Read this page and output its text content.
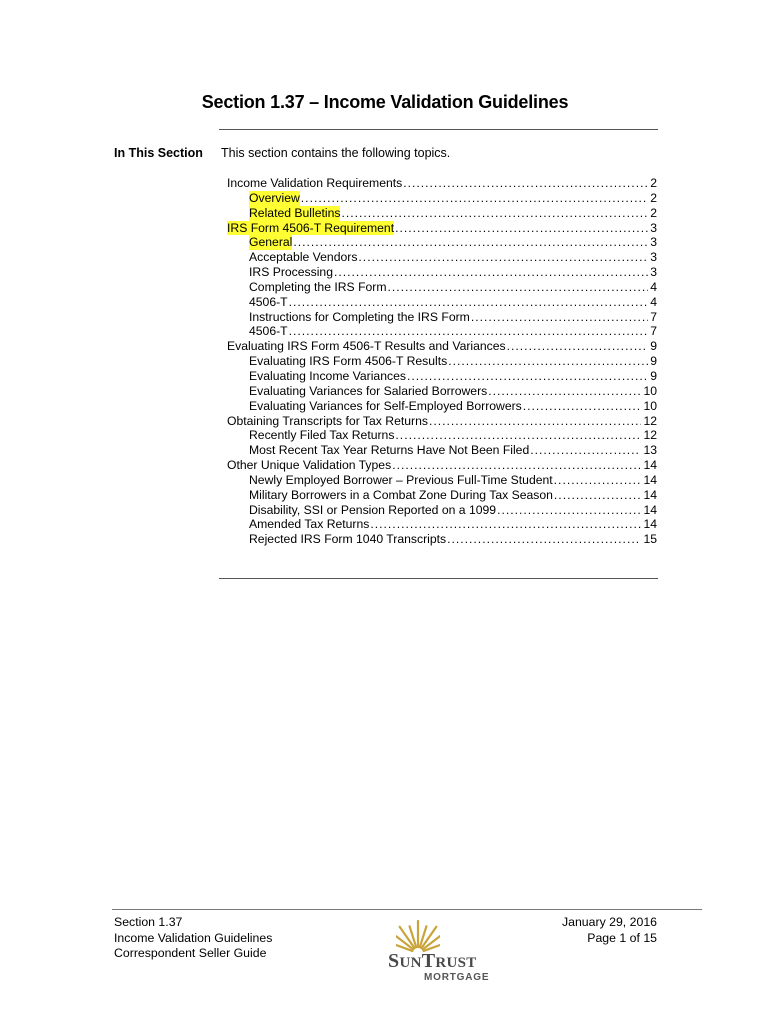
Section 1.37 – Income Validation Guidelines
In This Section This section contains the following topics.
Income Validation Requirements .....	2
Overview .....	2
Related Bulletins .....	2
IRS Form 4506-T Requirement .....	3
General .....	3
Acceptable Vendors .....	3
IRS Processing .....	3
Completing the IRS Form .....	4
4506-T .....	4
Instructions for Completing the IRS Form .....	7
4506-T .....	7
Evaluating IRS Form 4506-T Results and Variances .....	9
Evaluating IRS Form 4506-T Results .....	9
Evaluating Income Variances .....	9
Evaluating Variances for Salaried Borrowers .....	10
Evaluating Variances for Self-Employed Borrowers .....	10
Obtaining Transcripts for Tax Returns .....	12
Recently Filed Tax Returns .....	12
Most Recent Tax Year Returns Have Not Been Filed .....	13
Other Unique Validation Types .....	14
Newly Employed Borrower – Previous Full-Time Student .....	14
Military Borrowers in a Combat Zone During Tax Season .....	14
Disability, SSI or Pension Reported on a 1099 .....	14
Amended Tax Returns .....	14
Rejected IRS Form 1040 Transcripts .....	15
Section 1.37
Income Validation Guidelines
Correspondent Seller Guide	SUNTRUST
MORTGAGE
January 29, 2016
Page 1 of 15
